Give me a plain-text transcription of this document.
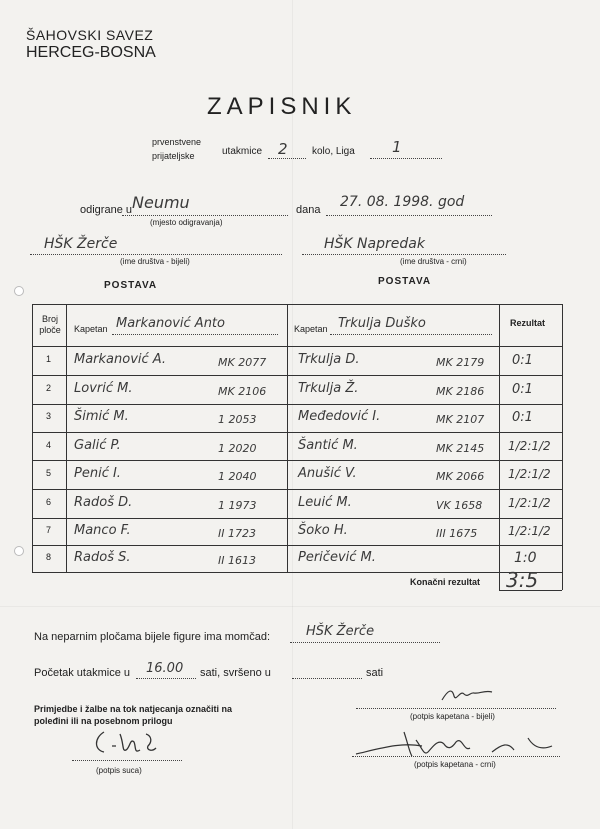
ŠAHOVSKI SAVEZ
HERCEG-BOSNA
ZAPISNIK
prvenstvene
prijateljske	utakmice 2 kolo, Liga 1
odigrane u Neumu
(mjesto odigravanja)
dana 27. 08. 1998. god
HŠK Žerče
(ime društva - bijeli)
HŠK Napredak
(ime društva - crni)
POSTAVA	POSTAVA
Broj ploče	Kapetan Markanović Anto	Kapetan Trkulja Duško	Rezultat
1 Markanović A.	MK 2077 Trkulja D.	MK 2179 0:1
2 Lovrić M.	MK 2106 Trkulja Ž.	MK 2186 0:1
3 Šimić M.	1 2053	Međedović I.	MK 2107 0:1
4 Galić P.	1 2020	Šantić M.	MK 2145 1/2:1/2
5 Penić I.	1 2040	Anušić V.	MK 2066 1/2:1/2
6 Radoš D.	1 1973	Leuić M.	VK 1658 1/2:1/2
7 Manco F.	II 1723	Šoko H.	III 1675	1/2:1/2
8 Radoš S.	II 1613	Peričević M.	1:0
Konačni rezultat 3:5
Na neparnim pločama bijele figure ima momčad:	HŠK Žerče
Početak utakmice u 16.00 sati, svršeno u	sati
Primjedbe i žalbe na tok natjecanja označiti na
poleđini ili na posebnom prilogu	(potpis kapetana - bijeli)
(potpis suca)
(potpis kapetana - crni)
